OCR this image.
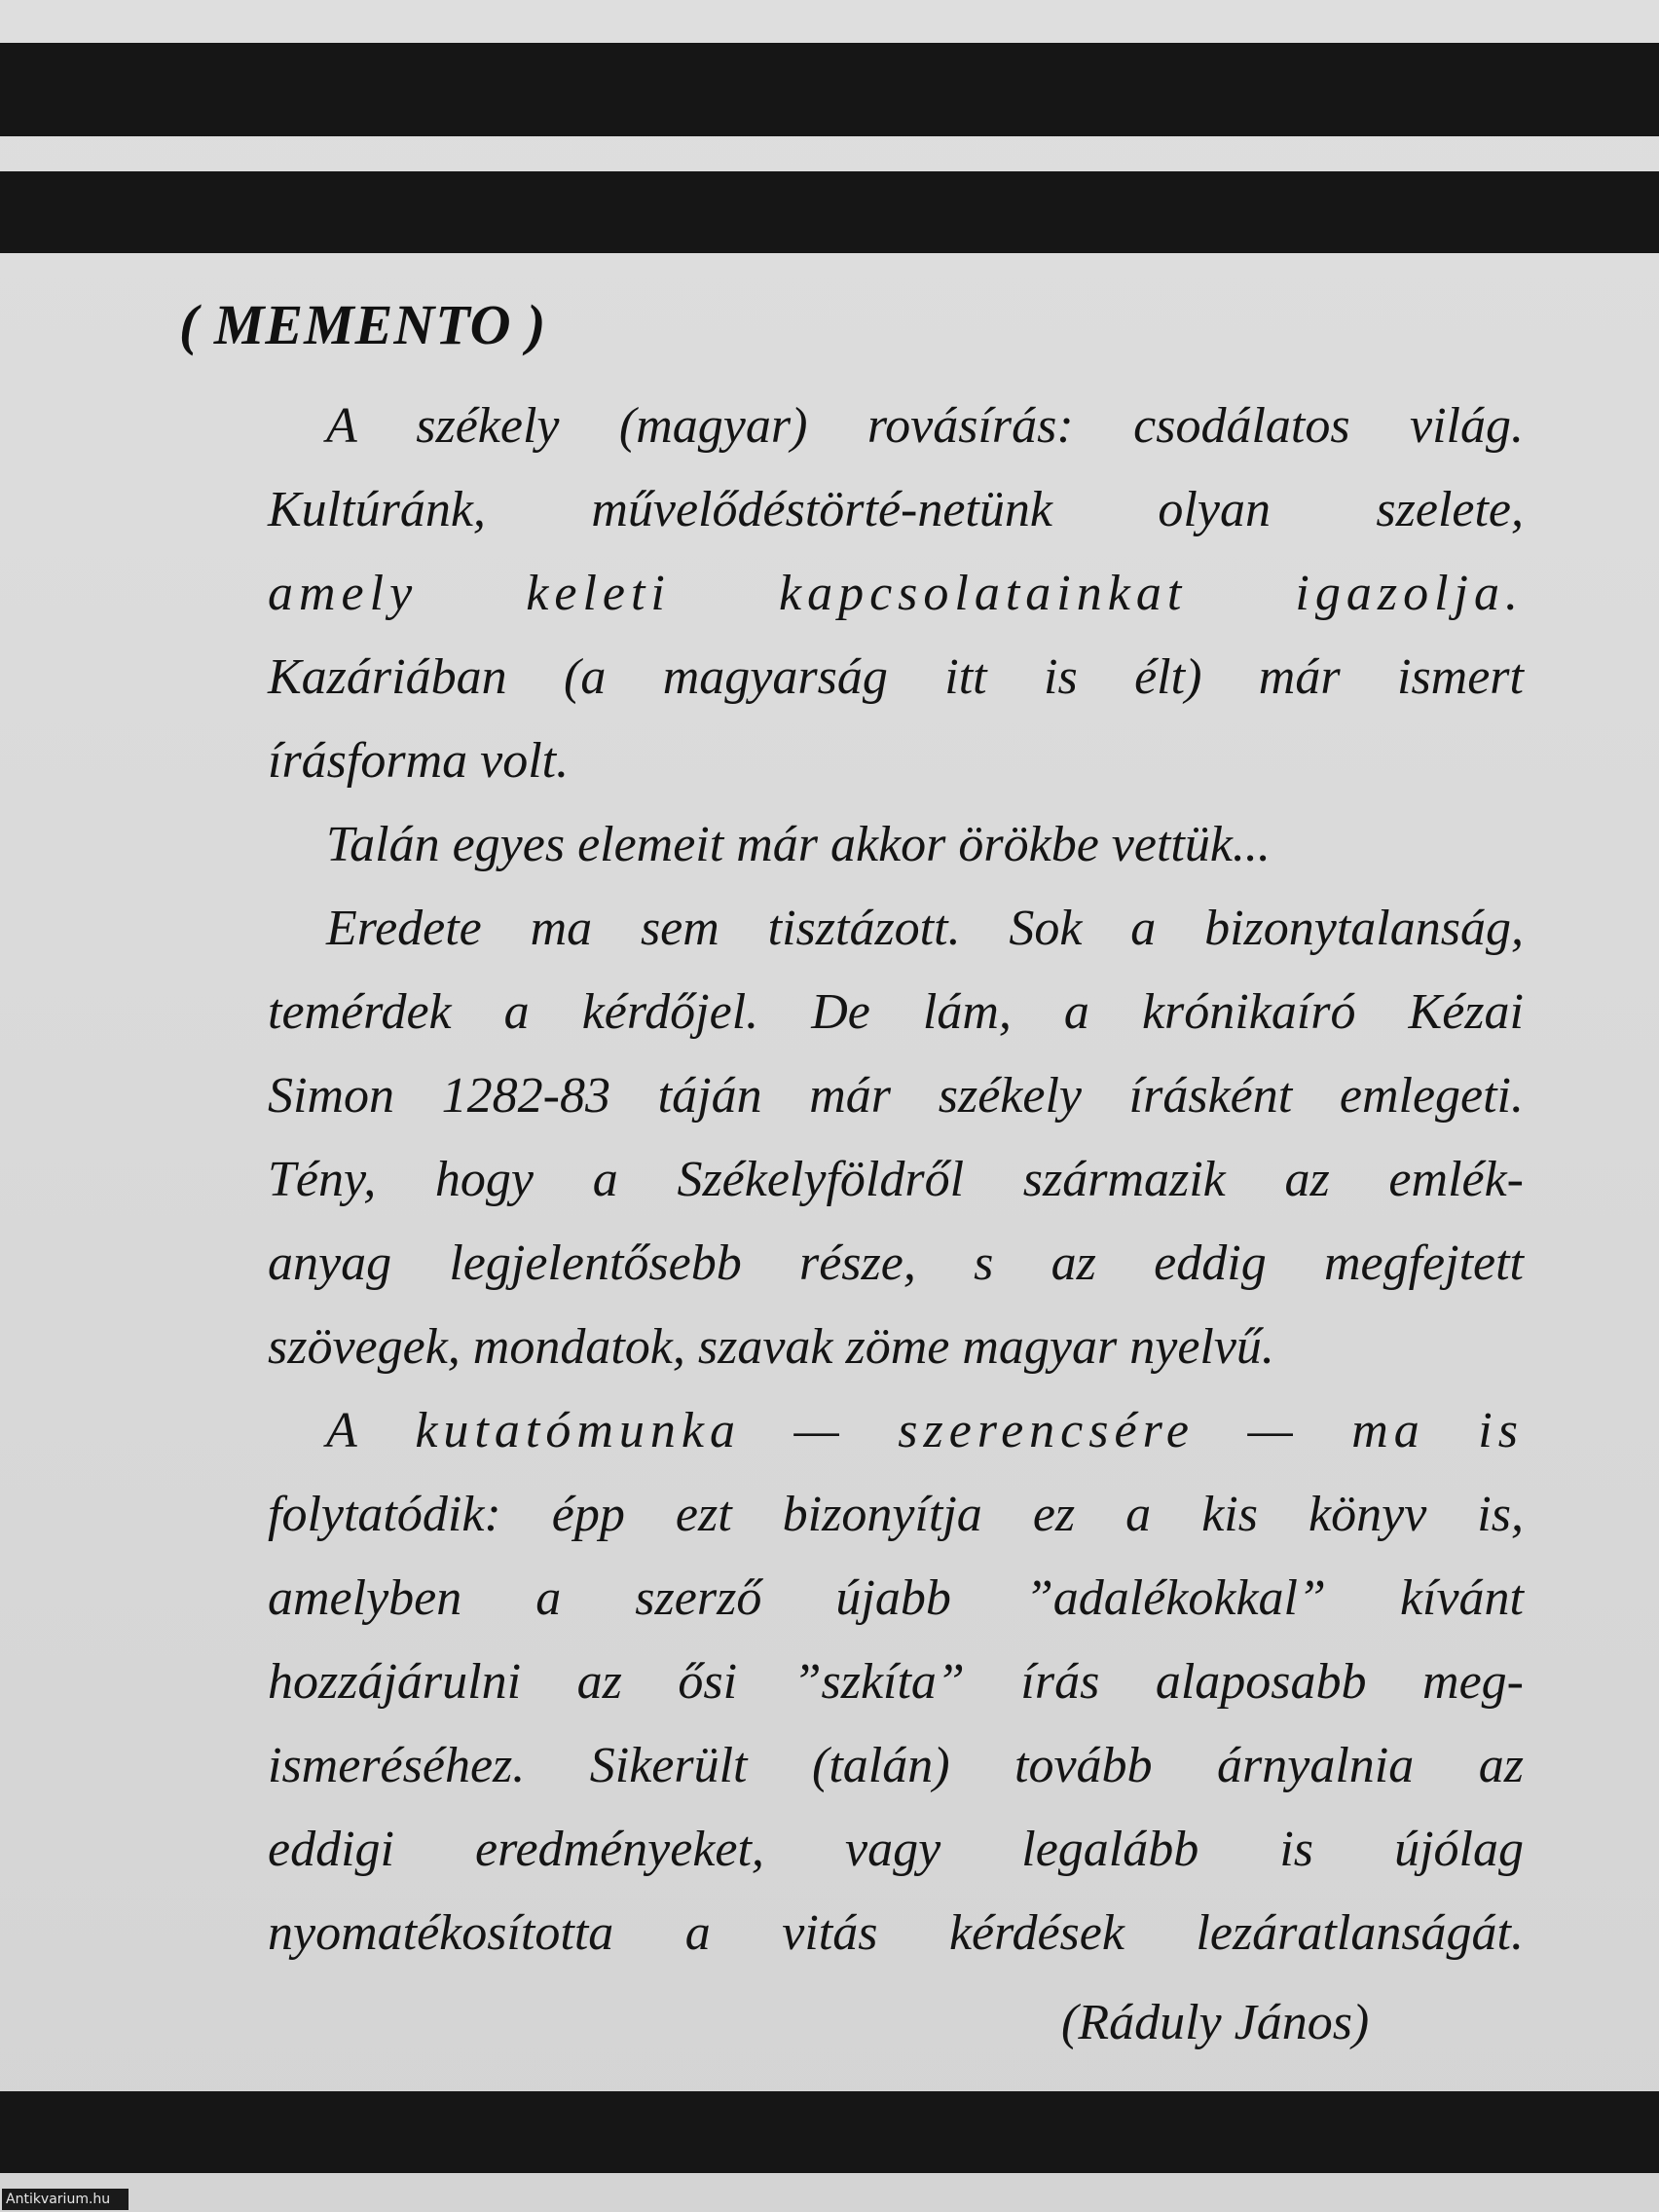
( MEMENTO )
A székely (magyar) rovásírás: csodálatos világ.
Kultúránk, művelődéstörté-netünk olyan szelete,
amely keleti kapcsolatainkat igazolja.
Kazáriában (a magyarság itt is élt) már ismert
írásforma volt.
Talán egyes elemeit már akkor örökbe vettük...
Eredete ma sem tisztázott. Sok a bizonytalanság,
temérdek a kérdőjel. De lám, a krónikaíró Kézai
Simon 1282-83 táján már székely írásként emlegeti.
Tény, hogy a Székelyföldről származik az emlék-
anyag legjelentősebb része, s az eddig megfejtett
szövegek, mondatok, szavak zöme magyar nyelvű.
A kutatómunka — szerencsére — ma is
folytatódik: épp ezt bizonyítja ez a kis könyv is,
amelyben a szerző újabb ”adalékokkal” kívánt
hozzájárulni az ősi ”szkíta” írás alaposabb meg-
ismeréséhez. Sikerült (talán) tovább árnyalnia az
eddigi eredményeket, vagy legalább is újólag
nyomatékosította a vitás kérdések lezáratlanságát.
(Ráduly János)
Antikvarium.hu
